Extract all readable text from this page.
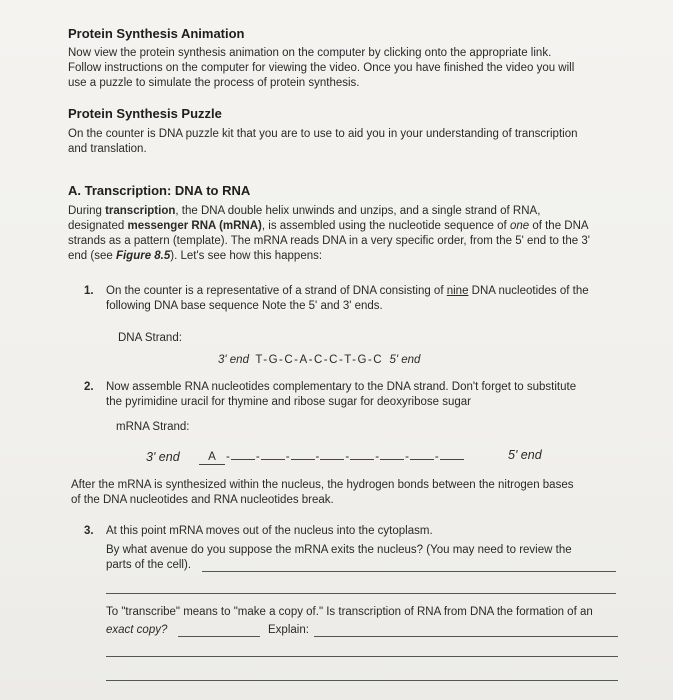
Protein Synthesis Animation
Now view the protein synthesis animation on the computer by clicking onto the appropriate link.
Follow instructions on the computer for viewing the video. Once you have finished the video you will
use a puzzle to simulate the process of protein synthesis.
Protein Synthesis Puzzle
On the counter is DNA puzzle kit that you are to use to aid you in your understanding of transcription
and translation.
A. Transcription: DNA to RNA
During transcription, the DNA double helix unwinds and unzips, and a single strand of RNA,
designated messenger RNA (mRNA), is assembled using the nucleotide sequence of one of the DNA
strands as a pattern (template). The mRNA reads DNA in a very specific order, from the 5' end to the 3'
end (see Figure 8.5). Let's see how this happens:
1. On the counter is a representative of a strand of DNA consisting of nine DNA nucleotides of the
following DNA base sequence Note the 5' and 3' ends.
DNA Strand:
3' end T-G-C-A-C-C-T-G-C 5' end
2. Now assemble RNA nucleotides complementary to the DNA strand. Don't forget to substitute
the pyrimidine uracil for thymine and ribose sugar for deoxyribose sugar
mRNA Strand:
3' end	A - - - - - - - -	5' end
After the mRNA is synthesized within the nucleus, the hydrogen bonds between the nitrogen bases
of the DNA nucleotides and RNA nucleotides break.
3. At this point mRNA moves out of the nucleus into the cytoplasm.
By what avenue do you suppose the mRNA exits the nucleus? (You may need to review the
parts of the cell).
To "transcribe" means to "make a copy of." Is transcription of RNA from DNA the formation of an
exact copy?	Explain:
